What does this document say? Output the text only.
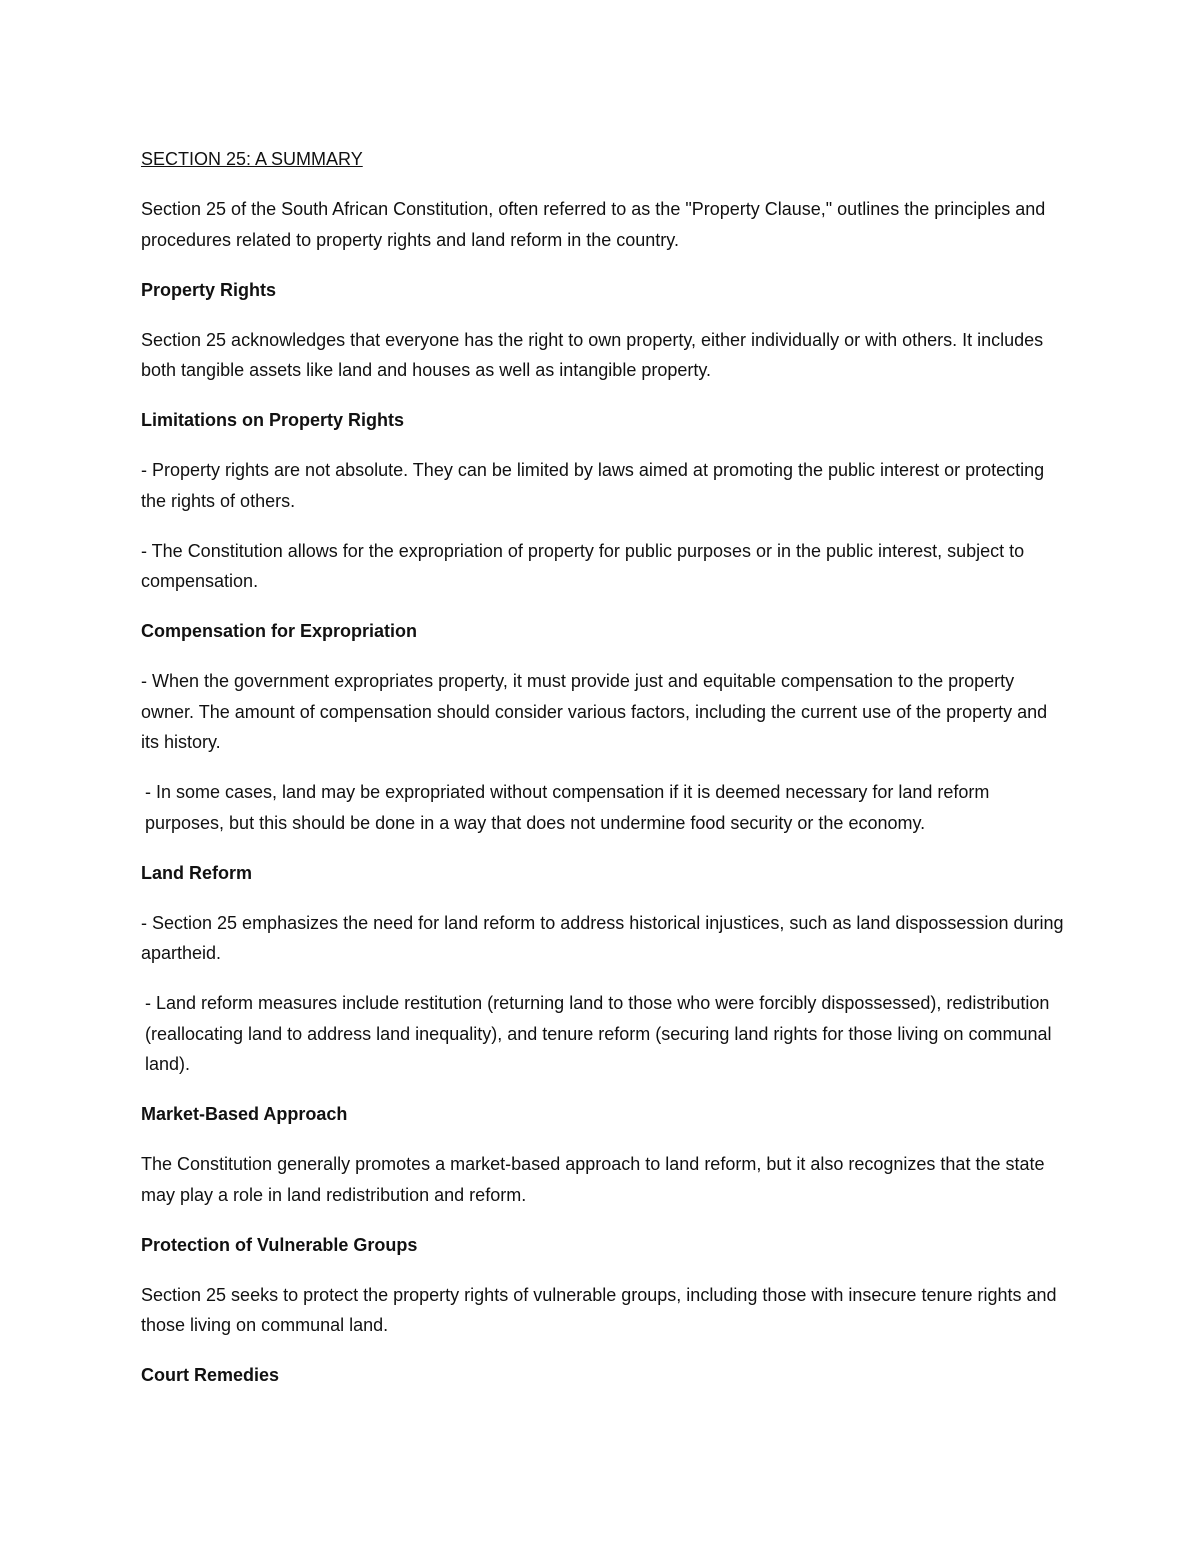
SECTION 25: A SUMMARY

Section 25 of the South African Constitution, often referred to as the "Property Clause," outlines the principles and procedures related to property rights and land reform in the country.

Property Rights

Section 25 acknowledges that everyone has the right to own property, either individually or with others. It includes both tangible assets like land and houses as well as intangible property.

Limitations on Property Rights

- Property rights are not absolute. They can be limited by laws aimed at promoting the public interest or protecting the rights of others.

- The Constitution allows for the expropriation of property for public purposes or in the public interest, subject to compensation.

Compensation for Expropriation

- When the government expropriates property, it must provide just and equitable compensation to the property owner. The amount of compensation should consider various factors, including the current use of the property and its history.

- In some cases, land may be expropriated without compensation if it is deemed necessary for land reform purposes, but this should be done in a way that does not undermine food security or the economy.

Land Reform

- Section 25 emphasizes the need for land reform to address historical injustices, such as land dispossession during apartheid.

- Land reform measures include restitution (returning land to those who were forcibly dispossessed), redistribution (reallocating land to address land inequality), and tenure reform (securing land rights for those living on communal land).

Market-Based Approach

The Constitution generally promotes a market-based approach to land reform, but it also recognizes that the state may play a role in land redistribution and reform.

Protection of Vulnerable Groups

Section 25 seeks to protect the property rights of vulnerable groups, including those with insecure tenure rights and those living on communal land.

Court Remedies
